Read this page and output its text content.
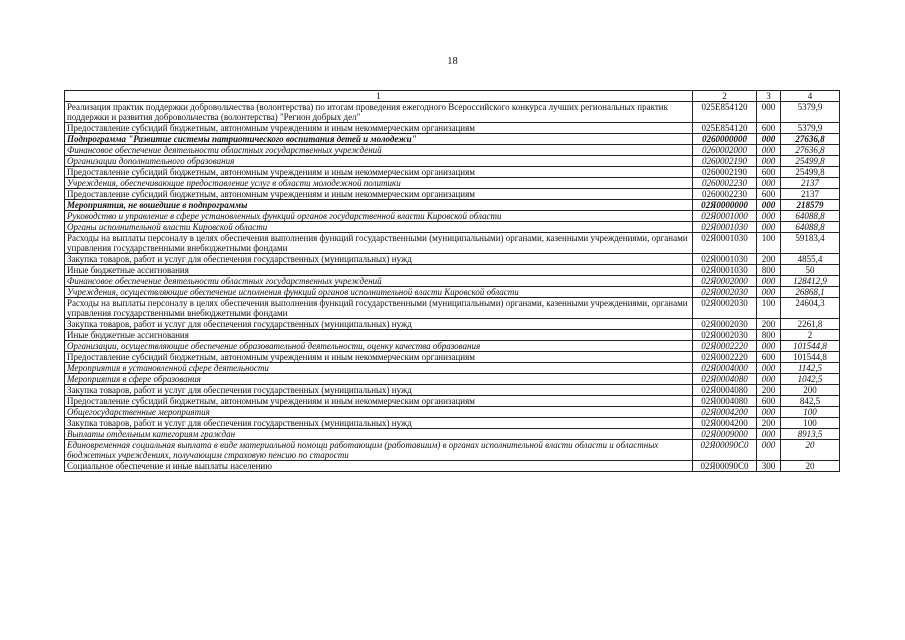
18
1	2	3	4
Реализация практик поддержки добровольчества (волонтерства) по итогам проведения ежегодного Всероссийского конкурса лучших региональных практик поддержки и развития добровольчества (волонтерства) "Регион добрых дел"	025Е854120	000	5379,9
Предоставление субсидий бюджетным, автономным учреждениям и иным некоммерческим организациям	025Е854120	600	5379,9
Подпрограмма "Развитие системы патриотического воспитания детей и молодежи"	0260000000	000	27636,8
Финансовое обеспечение деятельности областных государственных учреждений	0260002000	000	27636,8
Организации дополнительного образования	0260002190	000	25499,8
Предоставление субсидий бюджетным, автономным учреждениям и иным некоммерческим организациям	0260002190	600	25499,8
Учреждения, обеспечивающие предоставление услуг в области молодежной политики	0260002230	000	2137
Предоставление субсидий бюджетным, автономным учреждениям и иным некоммерческим организациям	0260002230	600	2137
Мероприятия, не вошедшие в подпрограммы	02Я0000000	000	218579
Руководство и управление в сфере установленных функций органов государственной власти Кировской области	02Я0001000	000	64088,8
Органы исполнительной власти Кировской области	02Я0001030	000	64088,8
Расходы на выплаты персоналу в целях обеспечения выполнения функций государственными (муниципальными) органами, казенными учреждениями, органами управления государственными внебюджетными фондами	02Я0001030	100	59183,4
Закупка товаров, работ и услуг для обеспечения государственных (муниципальных) нужд	02Я0001030	200	4855,4
Иные бюджетные ассигнования	02Я0001030	800	50
Финансовое обеспечение деятельности областных государственных учреждений	02Я0002000	000	128412,9
Учреждения, осуществляющие обеспечение исполнения функций органов исполнительной власти Кировской области	02Я0002030	000	26868,1
Расходы на выплаты персоналу в целях обеспечения выполнения функций государственными (муниципальными) органами, казенными учреждениями, органами управления государственными внебюджетными фондами	02Я0002030	100	24604,3
Закупка товаров, работ и услуг для обеспечения государственных (муниципальных) нужд	02Я0002030	200	2261,8
Иные бюджетные ассигнования	02Я0002030	800	2
Организации, осуществляющие обеспечение образовательной деятельности, оценку качества образования	02Я0002220	000	101544,8
Предоставление субсидий бюджетным, автономным учреждениям и иным некоммерческим организациям	02Я0002220	600	101544,8
Мероприятия в установленной сфере деятельности	02Я0004000	000	1142,5
Мероприятия в сфере образования	02Я0004080	000	1042,5
Закупка товаров, работ и услуг для обеспечения государственных (муниципальных) нужд	02Я0004080	200	200
Предоставление субсидий бюджетным, автономным учреждениям и иным некоммерческим организациям	02Я0004080	600	842,5
Общегосударственные мероприятия	02Я0004200	000	100
Закупка товаров, работ и услуг для обеспечения государственных (муниципальных) нужд	02Я0004200	200	100
Выплаты отдельным категориям граждан	02Я0009000	000	8913,5
Единовременная социальная выплата в виде материальной помощи работающим (работавшим) в органах исполнительной власти области и областных бюджетных учреждениях, получающим страховую пенсию по старости	02Я00090С0	000	20
Социальное обеспечение и иные выплаты населению	02Я00090С0	300	20
